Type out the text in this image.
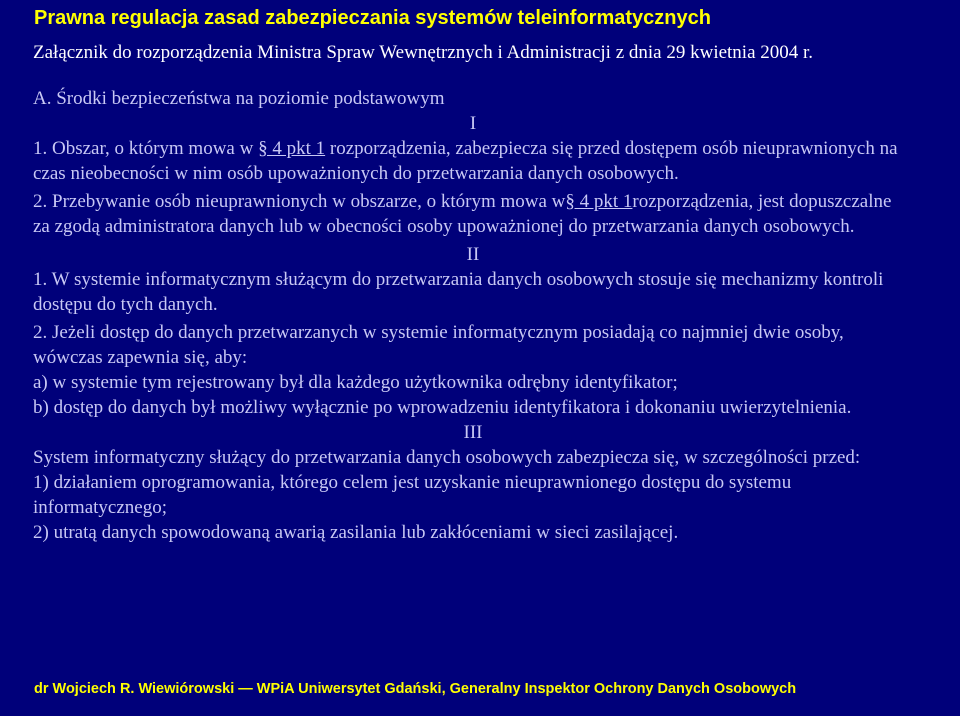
Prawna regulacja zasad zabezpieczania systemów teleinformatycznych

Załącznik do rozporządzenia Ministra Spraw Wewnętrznych i Administracji z dnia 29 kwietnia 2004 r.

A. Środki bezpieczeństwa na poziomie podstawowym

I

1. Obszar, o którym mowa w § 4 pkt 1 rozporządzenia, zabezpiecza się przed dostępem osób nieuprawnionych na czas nieobecności w nim osób upoważnionych do przetwarzania danych osobowych.

2. Przebywanie osób nieuprawnionych w obszarze, o którym mowa w§ 4 pkt 1rozporządzenia, jest dopuszczalne za zgodą administratora danych lub w obecności osoby upoważnionej do przetwarzania danych osobowych.

II

1. W systemie informatycznym służącym do przetwarzania danych osobowych stosuje się mechanizmy kontroli dostępu do tych danych.

2. Jeżeli dostęp do danych przetwarzanych w systemie informatycznym posiadają co najmniej dwie osoby, wówczas zapewnia się, aby:

a) w systemie tym rejestrowany był dla każdego użytkownika odrębny identyfikator;

b) dostęp do danych był możliwy wyłącznie po wprowadzeniu identyfikatora i dokonaniu uwierzytelnienia.

III

System informatyczny służący do przetwarzania danych osobowych zabezpiecza się, w szczególności przed:

1) działaniem oprogramowania, którego celem jest uzyskanie nieuprawnionego dostępu do systemu informatycznego;

2) utratą danych spowodowaną awarią zasilania lub zakłóceniami w sieci zasilającej.

dr Wojciech R. Wiewiórowski — WPiA Uniwersytet Gdański, Generalny Inspektor Ochrony Danych Osobowych
